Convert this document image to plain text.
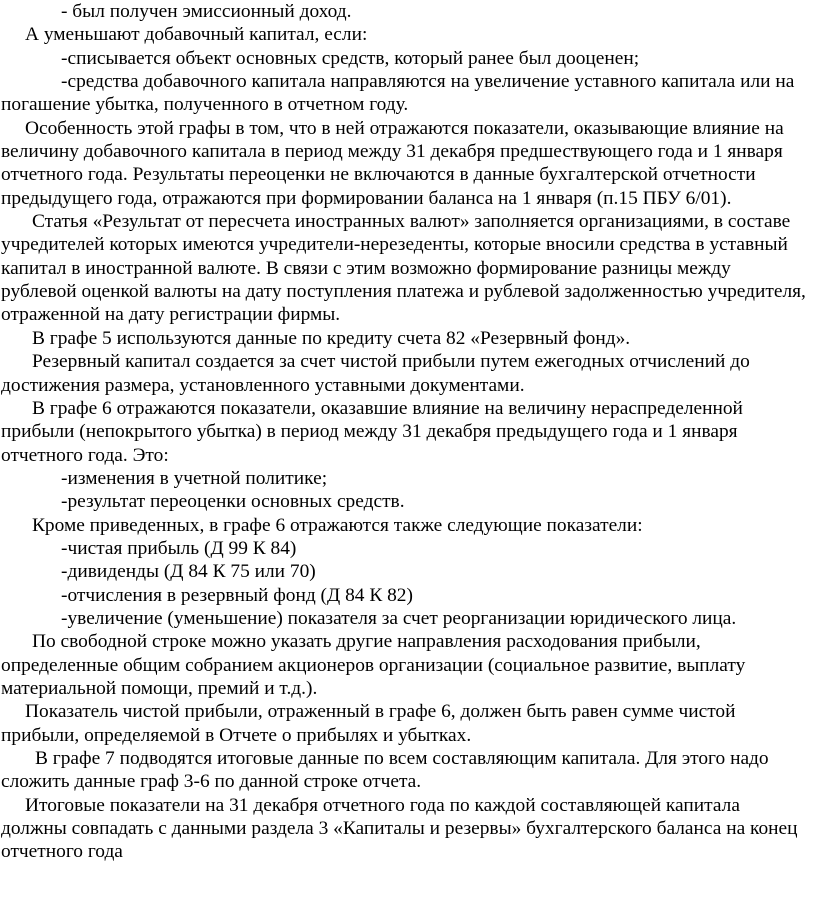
- был получен эмиссионный доход.

А уменьшают добавочный капитал, если:

-списывается объект основных средств, который ранее был дооценен;

-средства добавочного капитала направляются на увеличение уставного капитала или на погашение убытка, полученного в отчетном году.

Особенность этой графы в том, что в ней отражаются показатели, оказывающие влияние на величину добавочного капитала в период между 31 декабря предшествующего года и 1 января отчетного года. Результаты переоценки не включаются в данные бухгалтерской отчетности предыдущего года, отражаются при формировании баланса на 1 января (п.15 ПБУ 6/01).

Статья «Результат от пересчета иностранных валют» заполняется организациями, в составе учредителей которых имеются учредители-нерезеденты, которые вносили средства в уставный капитал в иностранной валюте. В связи с этим возможно формирование разницы между рублевой оценкой валюты на дату поступления платежа и рублевой задолженностью учредителя, отраженной на дату регистрации фирмы.

В графе 5 используются данные по кредиту счета 82 «Резервный фонд».

Резервный капитал создается за счет чистой прибыли путем ежегодных отчислений до достижения размера, установленного уставными документами.

В графе 6 отражаются показатели, оказавшие влияние на величину нераспределенной прибыли (непокрытого убытка) в период между 31 декабря предыдущего года и 1 января отчетного года. Это:

-изменения в учетной политике;

-результат переоценки основных средств.

Кроме приведенных, в графе 6 отражаются также следующие показатели:

-чистая прибыль (Д 99 К 84)

-дивиденды (Д 84 К 75 или 70)

-отчисления в резервный фонд (Д 84 К 82)

-увеличение (уменьшение) показателя за счет реорганизации юридического лица.

По свободной строке можно указать другие направления расходования прибыли, определенные общим собранием акционеров организации (социальное развитие, выплату материальной помощи, премий и т.д.).

Показатель чистой прибыли, отраженный в графе 6, должен быть равен сумме чистой прибыли, определяемой в Отчете о прибылях и убытках.

В графе 7 подводятся итоговые данные по всем составляющим капитала. Для этого надо сложить данные граф 3-6 по данной строке отчета.

Итоговые показатели на 31 декабря отчетного года по каждой составляющей капитала должны совпадать с данными раздела 3 «Капиталы и резервы» бухгалтерского баланса на конец отчетного года
